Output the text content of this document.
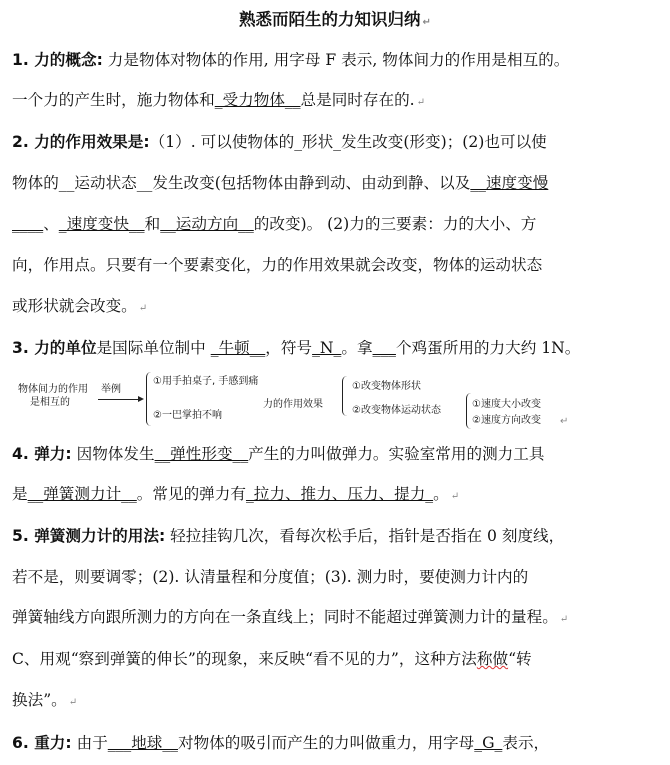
熟悉而陌生的力知识归纳 ↵
1. 力的概念: 力是物体对物体的作用, 用字母 F 表示, 物体间力的作用是相互的。
一个力的产生时，施力物体和_受力物体__总是同时存在的. ↵
2. 力的作用效果是:（1）. 可以使物体的_形状_发生改变(形变)；(2)也可以使
物体的__运动状态__发生改变(包括物体由静到动、由动到静、以及__速度变慢
____、_速度变快__和__运动方向__的改变)。 (2)力的三要素：力的大小、方
向，作用点。只要有一个要素变化，力的作用效果就会改变，物体的运动状态
或形状就会改变。 ↵
3. 力的单位是国际单位制中 _牛顿__，符号_N_。拿___个鸡蛋所用的力大约 1N。
物体间力的作用
是相互的
举例
①用手拍桌子, 手感到痛
②一巴掌拍不响
力的作用效果
①改变物体形状
②改变物体运动状态
①速度大小改变
②速度方向改变 ↵
4. 弹力: 因物体发生__弹性形变__产生的力叫做弹力。实验室常用的测力工具
是__弹簧测力计__。常见的弹力有_拉力、推力、压力、提力_。 ↵
5. 弹簧测力计的用法: 轻拉挂钩几次，看每次松手后，指针是否指在 0 刻度线，
若不是，则要调零；(2). 认清量程和分度值；(3). 测力时，要使测力计内的
弹簧轴线方向跟所测力的方向在一条直线上；同时不能超过弹簧测力计的量程。 ↵
C、用观“察到弹簧的伸长”的现象，来反映“看不见的力”，这种方法称做“转
换法”。 ↵
6. 重力: 由于___地球__对物体的吸引而产生的力叫做重力，用字母_G_表示，
